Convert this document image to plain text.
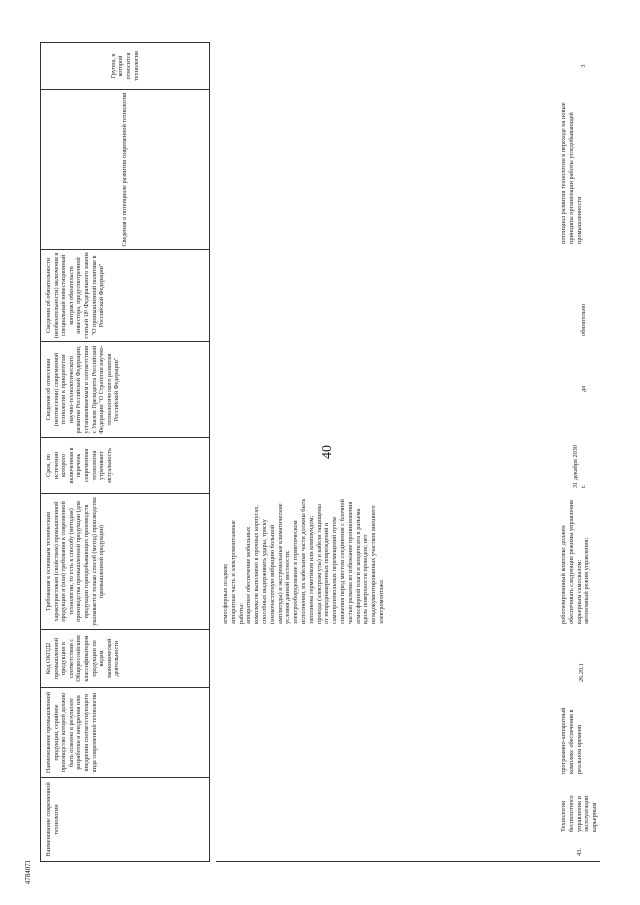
40
4784071
Наименование современной технологии
Наименование промышленной продукции, серийное производство которой должно быть освоено в результате разработки и внедрения или внедрения соответствующего вида современной технологии
Код ОКПД2 промышленной продукции в соответствии с Общероссийским классификатором продукции по видам экономической деятельности
Требования к основным техническим характеристикам (свойствам) промышленной продукции и (или) требования к современной технологии, то есть к способу (методам) производства промышленной продукции (для продукции горнодобывающих производств указывается только способ (метод) производства промышленной продукции)
Срок, по истечении которого включенная в перечень современная технология утрачивает актуальность
Сведения об отнесении (неотнесении) современной технологии к приоритетам научно-технологического развития Российской Федерации, устанавливаемым в соответствии с Указом Президента Российской Федерации "О Стратегии научно-технологического развития Российской Федерации"
Сведения об обязательности (необязательности) включения в специальный инвестиционный контракт обязательств инвестора, предусмотренной статьей 18¹ Федерального закона "О промышленной политике в Российской Федерации"
Сведения о потенциале развития современной технологии
Группа, к которой относится технология
43.
Технология беспилотного управления и эксплуатации карьерным
программно-аппаратный комплекс обеспечения в реальном времени
26.20.1
атмосферных осадков;
аппаратная часть и электромонтажные работы:
аппаратное обеспечение мобильных комплексов выполнено в прочных корпусах, способных выдерживать удары, тряску (низкочастотную вибрацию большой амплитуды) и экстремальные климатические условия данной местности;
электрооборудование в герметическом исполнении, их кабельные части должны быть заполнены герметиком или компаундом;
провода (электрожгуты) и кабели защищены от непреднамеренных повреждений и самопроизвольных перемещений путем снижения перед местом соединения с блочной частью разъема во избежание проникновения атмосферной влаги и конденсата в разъема вдоль поверхности проводов; нет незадокументированных участков внешнего электромонтажа	роботизированный комплекс должен обеспечивать следующие режимы управления карьерным самосвалом:
автономный режим управления;
31 декабря 2030 г.
да
обязательно
потенциал развития технологии в переходе на новые принципы организации работы угледобывающей промышленности
3
